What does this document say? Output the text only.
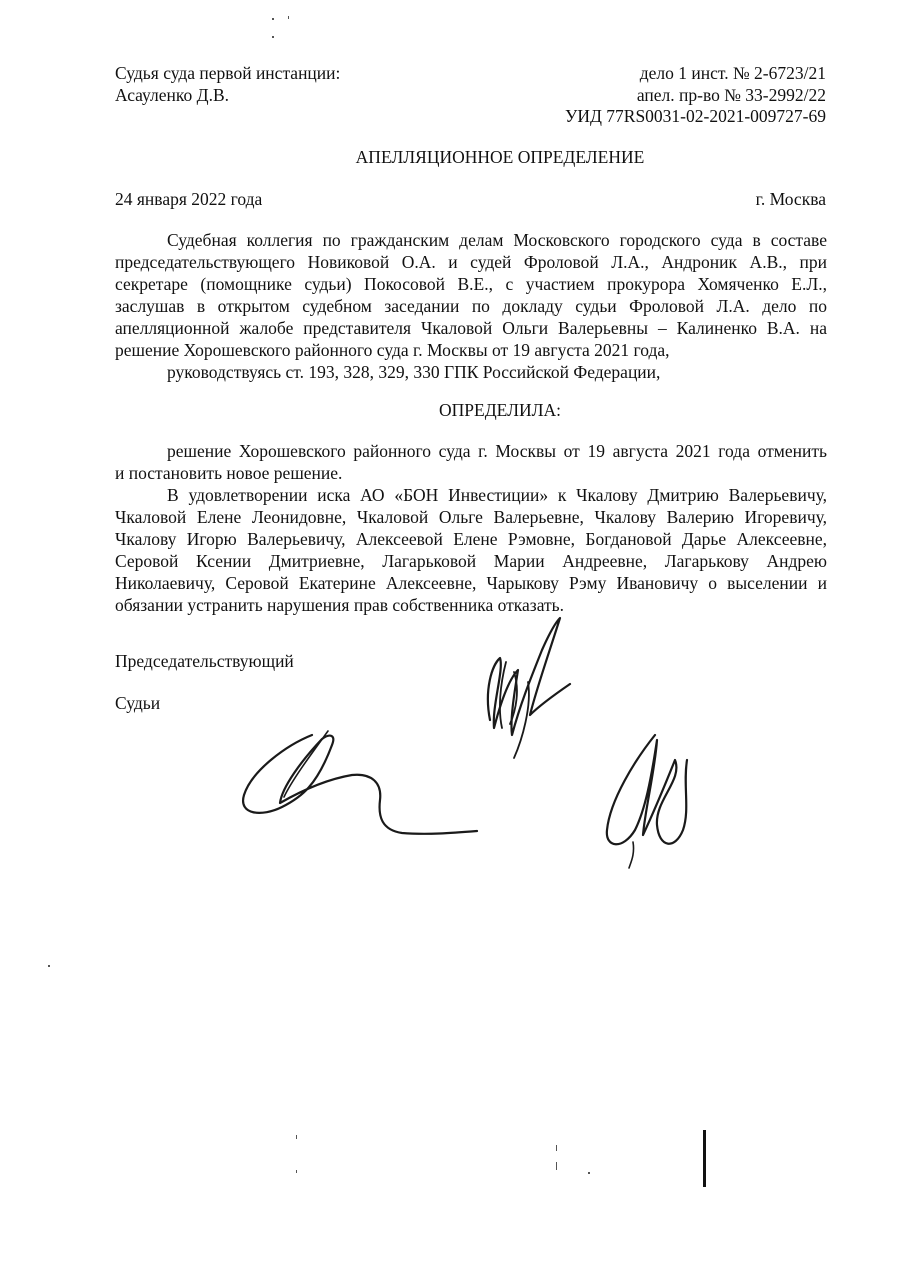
Судья суда первой инстанции:
Асауленко Д.В.
дело 1 инст. № 2-6723/21
апел. пр-во № 33-2992/22
УИД 77RS0031-02-2021-009727-69
АПЕЛЛЯЦИОННОЕ ОПРЕДЕЛЕНИЕ
24 января 2022 года	г. Москва
Судебная коллегия по гражданским делам Московского городского суда в составе
председательствующего Новиковой О.А. и судей Фроловой Л.А., Андроник А.В., при
секретаре (помощнике судьи) Покосовой В.Е., с участием прокурора Хомяченко Е.Л.,
заслушав в открытом судебном заседании по докладу судьи Фроловой Л.А. дело по
апелляционной жалобе представителя Чкаловой Ольги Валерьевны – Калиненко В.А. на
решение Хорошевского районного суда г. Москвы от 19 августа 2021 года,
руководствуясь ст. 193, 328, 329, 330 ГПК Российской Федерации,
ОПРЕДЕЛИЛА:
решение Хорошевского районного суда г. Москвы от 19 августа 2021 года отменить
и постановить новое решение.
В удовлетворении иска АО «БОН Инвестиции» к Чкалову Дмитрию Валерьевичу,
Чкаловой Елене Леонидовне, Чкаловой Ольге Валерьевне, Чкалову Валерию Игоревичу,
Чкалову Игорю Валерьевичу, Алексеевой Елене Рэмовне, Богдановой Дарье Алексеевне,
Серовой Ксении Дмитриевне, Лагарьковой Марии Андреевне, Лагарькову Андрею
Николаевичу, Серовой Екатерине Алексеевне, Чарыкову Рэму Ивановичу о выселении и
обязании устранить нарушения прав собственника отказать.
Председательствующий
Судьи
